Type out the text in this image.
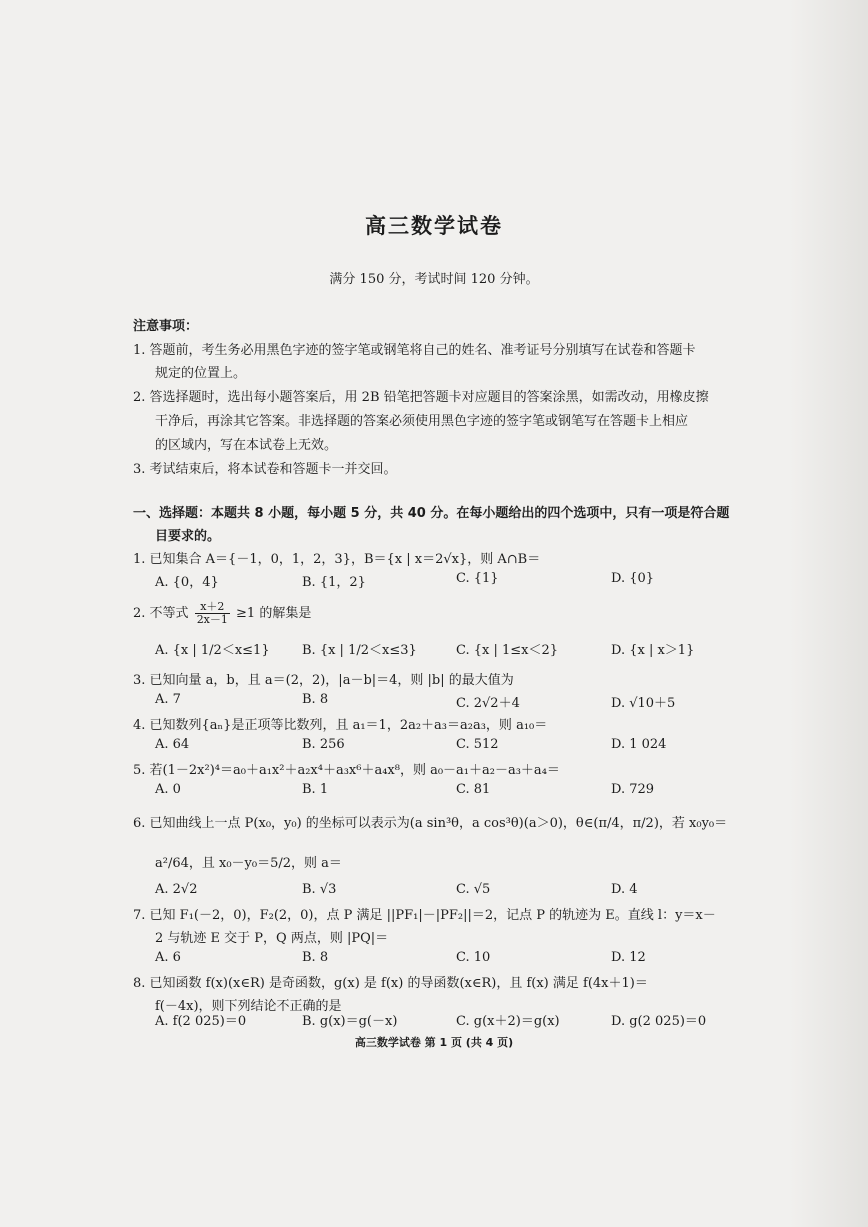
高三数学试卷
满分 150 分，考试时间 120 分钟。
注意事项：
1. 答题前，考生务必用黑色字迹的签字笔或钢笔将自己的姓名、准考证号分别填写在试卷和答题卡
规定的位置上。
2. 答选择题时，选出每小题答案后，用 2B 铅笔把答题卡对应题目的答案涂黑，如需改动，用橡皮擦
干净后，再涂其它答案。非选择题的答案必须使用黑色字迹的签字笔或钢笔写在答题卡上相应
的区域内，写在本试卷上无效。
3. 考试结束后，将本试卷和答题卡一并交回。
一、选择题：本题共 8 小题，每小题 5 分，共 40 分。在每小题给出的四个选项中，只有一项是符合题
目要求的。
1. 已知集合 A＝{－1，0，1，2，3}，B＝{x | x＝2√x}，则 A∩B＝
A. {0，4}	B. {1，2}	C. {1}	D. {0}
2. 不等式 $\frac{x+2}{2x-1} \ge 1$ 的解集是
A. {x | 1/2＜x≤1} B. {x | 1/2＜x≤3}	C. {x | 1≤x＜2}	D. {x | x＞1}
3. 已知向量 a，b，且 a＝(2，2)，|a－b|＝4，则 |b| 的最大值为
A. 7	B. 8	C. 2√2＋4	D. √10＋5
4. 已知数列{aₙ}是正项等比数列，且 a₁＝1，2a₂＋a₃＝a₂a₃，则 a₁₀＝
A. 64	B. 256	C. 512	D. 1 024
5. 若(1－2x²)⁴＝a₀＋a₁x²＋a₂x⁴＋a₃x⁶＋a₄x⁸，则 a₀－a₁＋a₂－a₃＋a₄＝
A. 0	B. 1	C. 81	D. 729
6. 已知曲线上一点 P(x₀，y₀) 的坐标可以表示为(a sin³θ，a cos³θ)(a＞0)，θ∈(π/4，π/2)，若 x₀y₀＝
a²/64，且 x₀－y₀＝5/2，则 a＝
A. 2√2	B. √3	C. √5	D. 4
7. 已知 F₁(－2，0)，F₂(2，0)，点 P 满足 ||PF₁|－|PF₂||＝2，记点 P 的轨迹为 E。直线 l：y＝x－
2 与轨迹 E 交于 P，Q 两点，则 |PQ|＝
A. 6	B. 8	C. 10	D. 12
8. 已知函数 f(x)(x∈R) 是奇函数，g(x) 是 f(x) 的导函数(x∈R)，且 f(x) 满足 f(4x＋1)＝
f(－4x)，则下列结论不正确的是
A. f(2 025)＝0	B. g(x)＝g(－x)	C. g(x＋2)＝g(x)	D. g(2 025)＝0
高三数学试卷 第 1 页 (共 4 页)
